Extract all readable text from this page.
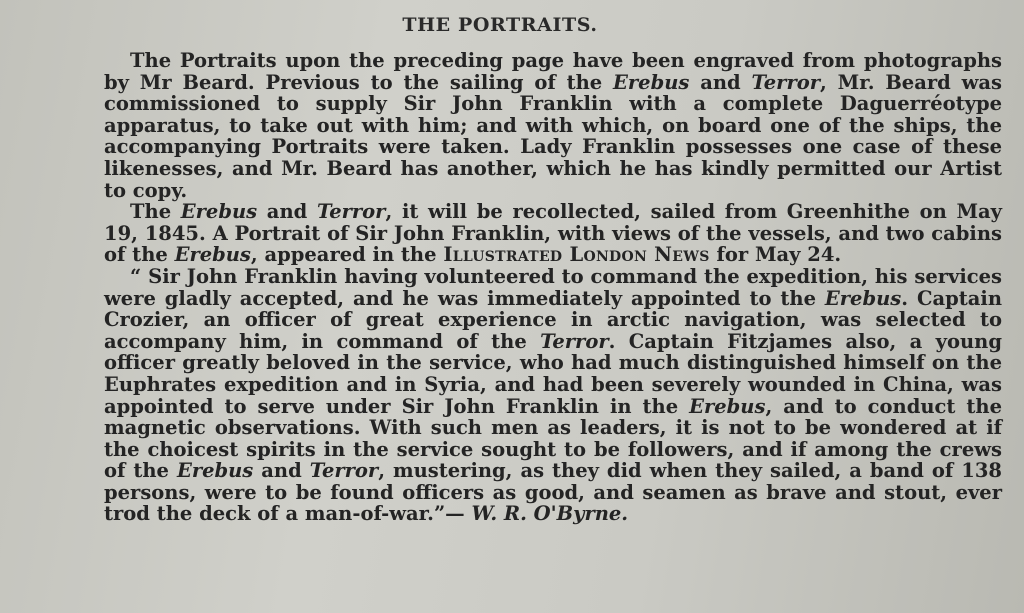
THE PORTRAITS.

The Portraits upon the preceding page have been engraved from photographs by Mr Beard. Previous to the sailing of the Erebus and Terror, Mr. Beard was commissioned to supply Sir John Franklin with a complete Daguerréotype apparatus, to take out with him; and with which, on board one of the ships, the accompanying Portraits were taken. Lady Franklin possesses one case of these likenesses, and Mr. Beard has another, which he has kindly permitted our Artist to copy.

The Erebus and Terror, it will be recollected, sailed from Greenhithe on May 19, 1845. A Portrait of Sir John Franklin, with views of the vessels, and two cabins of the Erebus, appeared in the Illustrated London News for May 24.

“ Sir John Franklin having volunteered to command the expedition, his services were gladly accepted, and he was immediately appointed to the Erebus. Captain Crozier, an officer of great experience in arctic navigation, was selected to accompany him, in command of the Terror. Captain Fitzjames also, a young officer greatly beloved in the service, who had much distinguished himself on the Euphrates expedition and in Syria, and had been severely wounded in China, was appointed to serve under Sir John Franklin in the Erebus, and to conduct the magnetic observations. With such men as leaders, it is not to be wondered at if the choicest spirits in the service sought to be followers, and if among the crews of the Erebus and Terror, mustering, as they did when they sailed, a band of 138 persons, were to be found officers as good, and seamen as brave and stout, ever trod the deck of a man-of-war.”— W. R. O'Byrne.
